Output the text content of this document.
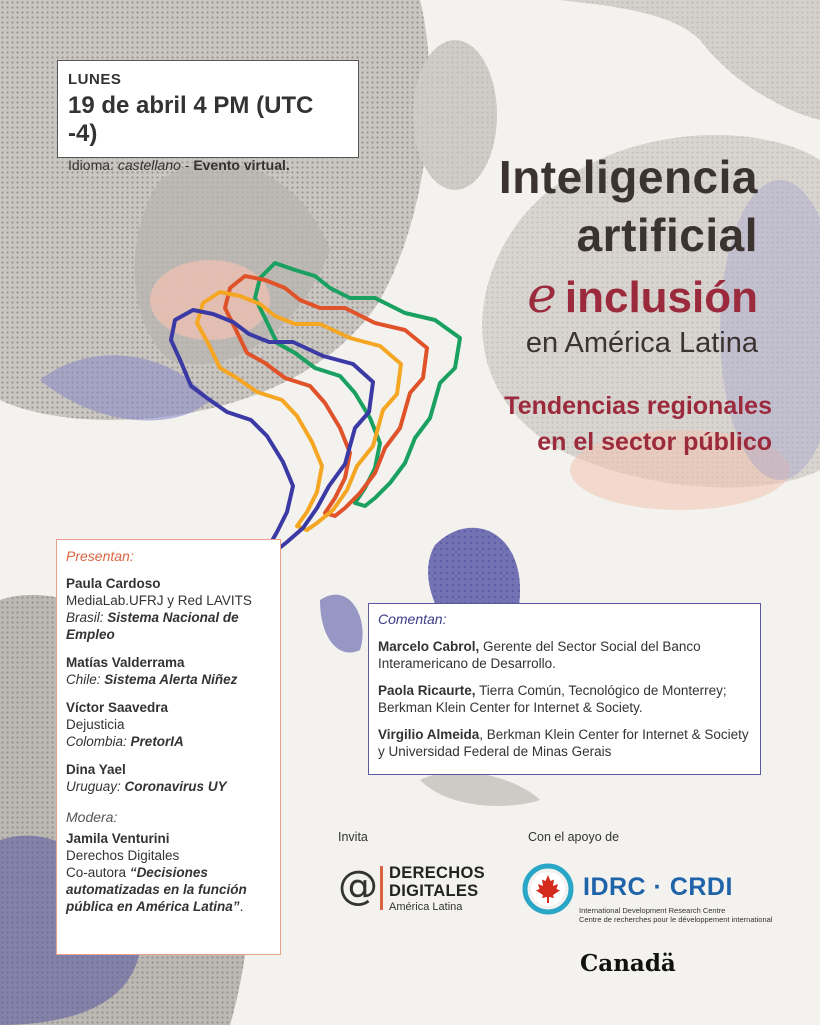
LUNES
19 de abril 4 PM (UTC -4)
Idioma: castellano - Evento virtual.	Inteligencia
artificial
e inclusión
en América Latina
Tendencias regionales
en el sector público
Presentan:
Paula Cardoso
MediaLab.UFRJ y Red LAVITS
Brasil: Sistema Nacional de Empleo
Matías Valderrama
Chile: Sistema Alerta Niñez
Víctor Saavedra
Dejusticia
Colombia: PretorIA
Dina Yael
Uruguay: Coronavirus UY
Modera:
Jamila Venturini
Derechos Digitales
Co-autora “Decisiones automatizadas en la función pública en América Latina”.
Comentan:
Marcelo Cabrol, Gerente del Sector Social del Banco Interamericano de Desarrollo.
Paola Ricaurte, Tierra Común, Tecnológico de Monterrey; Berkman Klein Center for Internet & Society.
Virgilio Almeida, Berkman Klein Center for Internet & Society y Universidad Federal de Minas Gerais
Invita	Con el apoyo de
@ DERECHOS
DIGITALES
América Latina
IDRC · CRDI
International Development Research Centre
Centre de recherches pour le développement international
Canadä
